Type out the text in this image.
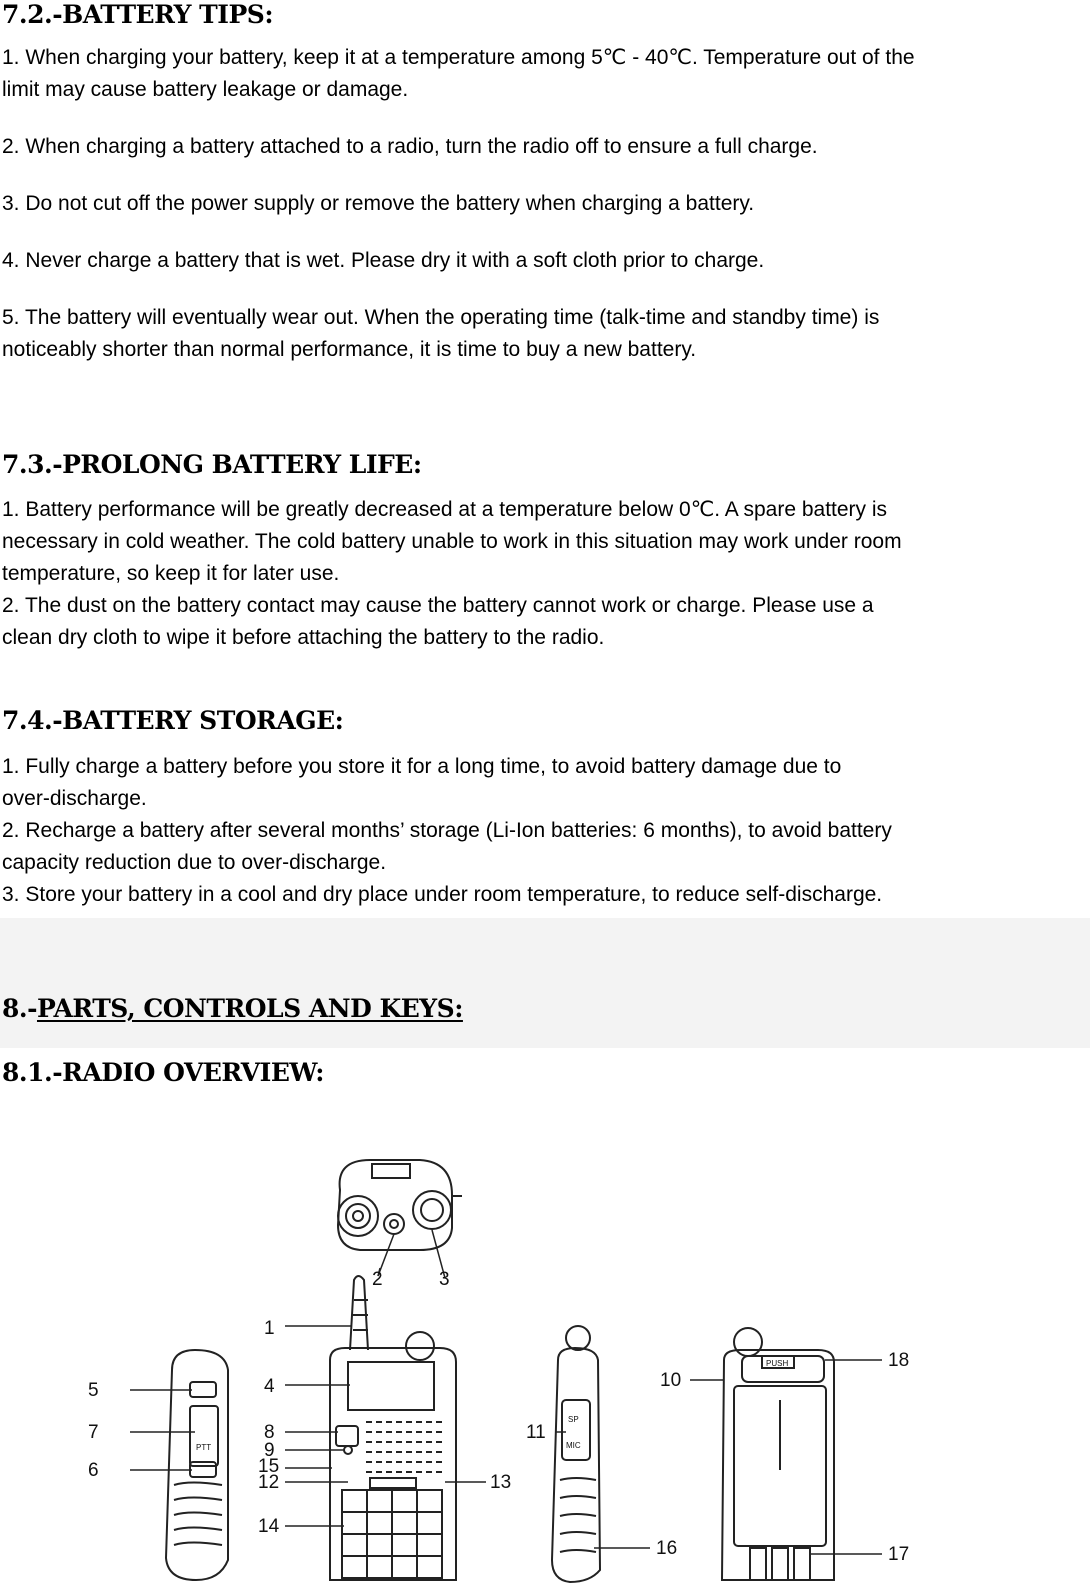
7.2.-BATTERY TIPS:

1. When charging your battery, keep it at a temperature among 5℃ - 40℃. Temperature out of the

limit may cause battery leakage or damage.

2. When charging a battery attached to a radio, turn the radio off to ensure a full charge.

3. Do not cut off the power supply or remove the battery when charging a battery.

4. Never charge a battery that is wet. Please dry it with a soft cloth prior to charge.

5. The battery will eventually wear out. When the operating time (talk-time and standby time) is

noticeably shorter than normal performance, it is time to buy a new battery.

7.3.-PROLONG BATTERY LIFE:

1. Battery performance will be greatly decreased at a temperature below 0℃. A spare battery is

necessary in cold weather. The cold battery unable to work in this situation may work under room

temperature, so keep it for later use.

2. The dust on the battery contact may cause the battery cannot work or charge. Please use a

clean dry cloth to wipe it before attaching the battery to the radio.

7.4.-BATTERY STORAGE:

1. Fully charge a battery before you store it for a long time, to avoid battery damage due to

over-discharge.

2. Recharge a battery after several months’ storage (Li-Ion batteries: 6 months), to avoid battery

capacity reduction due to over-discharge.

3. Store your battery in a cool and dry place under room temperature, to reduce self-discharge.

8.-PARTS, CONTROLS AND KEYS:
8.1.-RADIO OVERVIEW:
1
2	3
4
5
6
7	8
9
10
11
12	13
14
15
16	17
18
PUSH
SP
MIC
PTT
